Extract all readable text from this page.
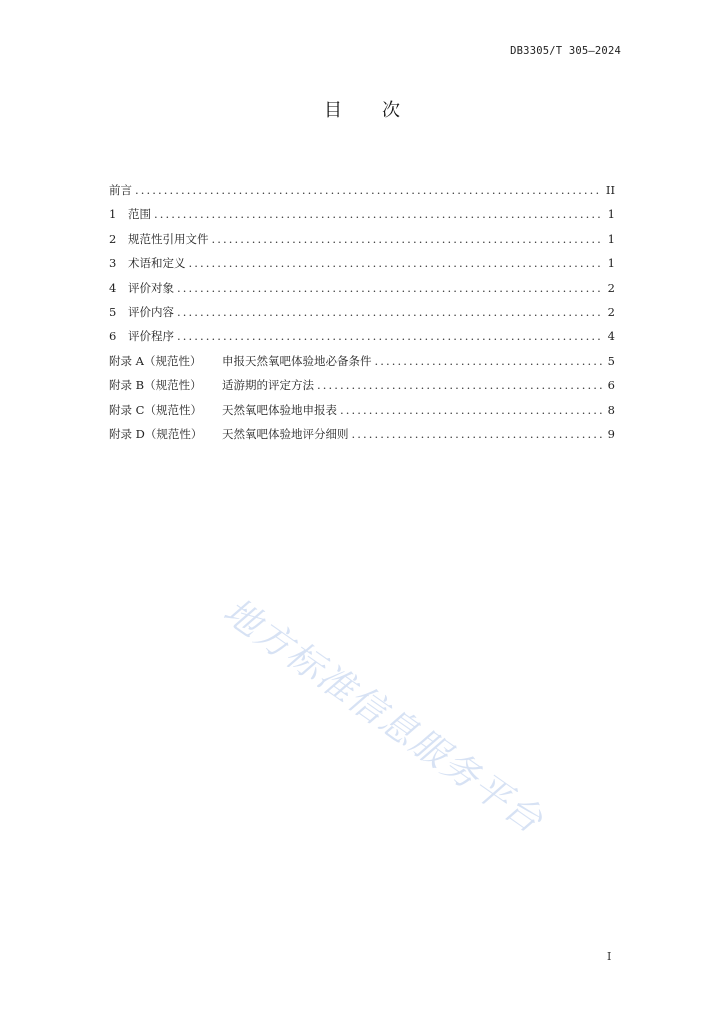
DB3305/T 305—2024
目 次
前言 .....	II
1	范围 .....	1
2	规范性引用文件 .....	1
3	术语和定义 .....	1
4	评价对象 .....	2
5	评价内容 .....	2
6	评价程序 .....	4
附录 A（规范性）	申报天然氧吧体验地必备条件 .....	5
附录 B（规范性）	适游期的评定方法 .....	6
附录 C（规范性）	天然氧吧体验地申报表 .....	8
附录 D（规范性）	天然氧吧体验地评分细则 .....	9
地方标准信息服务平台
I
